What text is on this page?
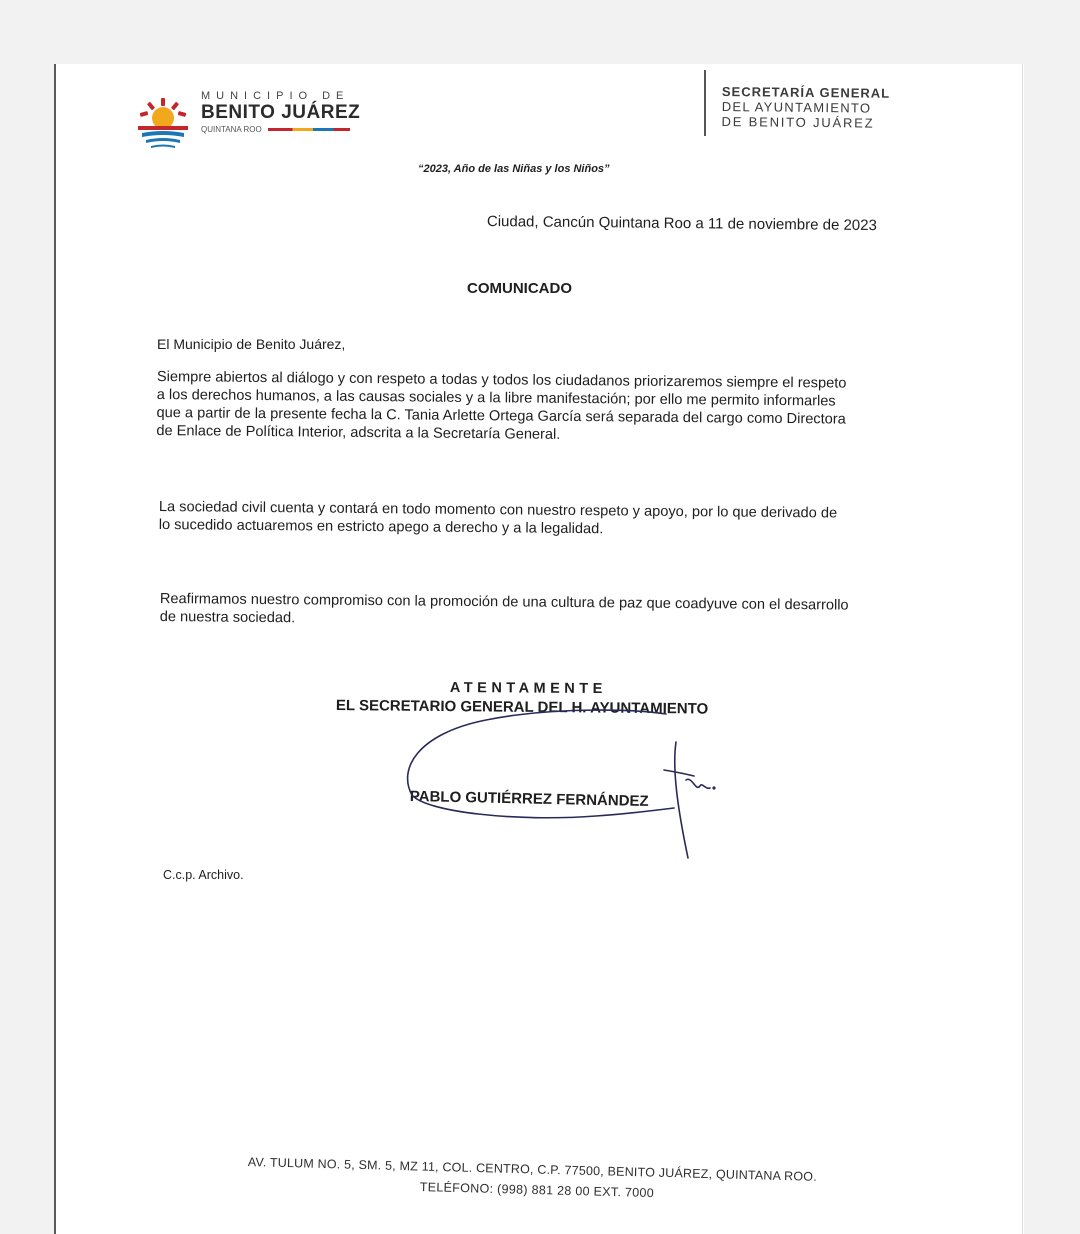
MUNICIPIO DE
BENITO JUÁREZ
QUINTANA ROO
SECRETARÍA GENERAL
DEL AYUNTAMIENTO
DE BENITO JUÁREZ
“2023, Año de las Niñas y los Niños”
Ciudad, Cancún Quintana Roo a 11 de noviembre de 2023
COMUNICADO
El Municipio de Benito Juárez,

Siempre abiertos al diálogo y con respeto a todas y todos los ciudadanos priorizaremos siempre el respeto

a los derechos humanos, a las causas sociales y a la libre manifestación; por ello me permito informarles

que a partir de la presente fecha la C. Tania Arlette Ortega García será separada del cargo como Directora

de Enlace de Política Interior, adscrita a la Secretaría General.

La sociedad civil cuenta y contará en todo momento con nuestro respeto y apoyo, por lo que derivado de

lo sucedido actuaremos en estricto apego a derecho y a la legalidad.

Reafirmamos nuestro compromiso con la promoción de una cultura de paz que coadyuve con el desarrollo

de nuestra sociedad.

ATENTAMENTE
EL SECRETARIO GENERAL DEL H. AYUNTAMIENTO
PABLO GUTIÉRREZ FERNÁNDEZ
C.c.p. Archivo.
AV. TULUM NO. 5, SM. 5, MZ 11, COL. CENTRO, C.P. 77500, BENITO JUÁREZ, QUINTANA ROO.
TELÉFONO: (998) 881 28 00 EXT. 7000
